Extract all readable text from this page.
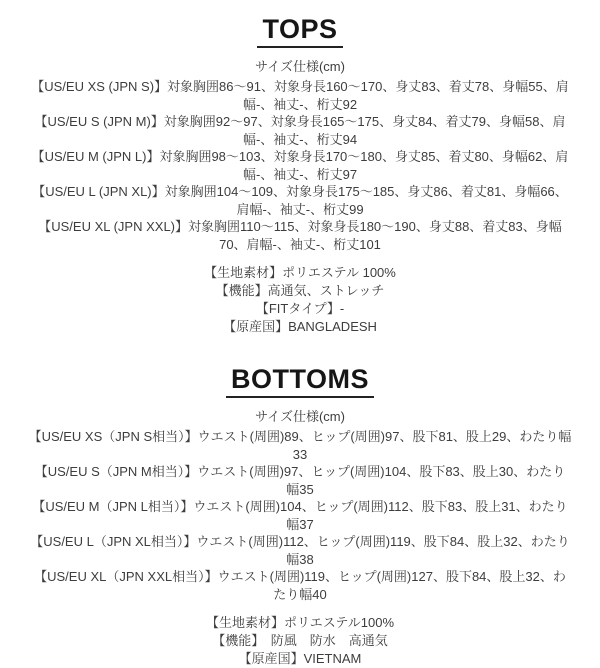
TOPS

サイズ仕様(cm)

【US/EU XS (JPN S)】対象胸囲86〜91、対象身長160〜170、身丈83、着丈78、身幅55、肩幅-、袖丈-、桁丈92

【US/EU S (JPN M)】対象胸囲92〜97、対象身長165〜175、身丈84、着丈79、身幅58、肩幅-、袖丈-、桁丈94

【US/EU M (JPN L)】対象胸囲98〜103、対象身長170〜180、身丈85、着丈80、身幅62、肩幅-、袖丈-、桁丈97

【US/EU L (JPN XL)】対象胸囲104〜109、対象身長175〜185、身丈86、着丈81、身幅66、肩幅-、袖丈-、桁丈99

【US/EU XL (JPN XXL)】対象胸囲110〜115、対象身長180〜190、身丈88、着丈83、身幅70、肩幅-、袖丈-、桁丈101

【生地素材】ポリエステル 100%

【機能】高通気、ストレッチ

【FITタイプ】-

【原産国】BANGLADESH

BOTTOMS

サイズ仕様(cm)

【US/EU XS（JPN S相当）】ウエスト(周囲)89、ヒップ(周囲)97、股下81、股上29、わたり幅33

【US/EU S（JPN M相当）】ウエスト(周囲)97、ヒップ(周囲)104、股下83、股上30、わたり幅35

【US/EU M（JPN L相当）】ウエスト(周囲)104、ヒップ(周囲)112、股下83、股上31、わたり幅37

【US/EU L（JPN XL相当）】ウエスト(周囲)112、ヒップ(周囲)119、股下84、股上32、わたり幅38

【US/EU XL（JPN XXL相当）】ウエスト(周囲)119、ヒップ(周囲)127、股下84、股上32、わたり幅40

【生地素材】ポリエステル100%

【機能】　防風　防水　高通気

【原産国】VIETNAM
